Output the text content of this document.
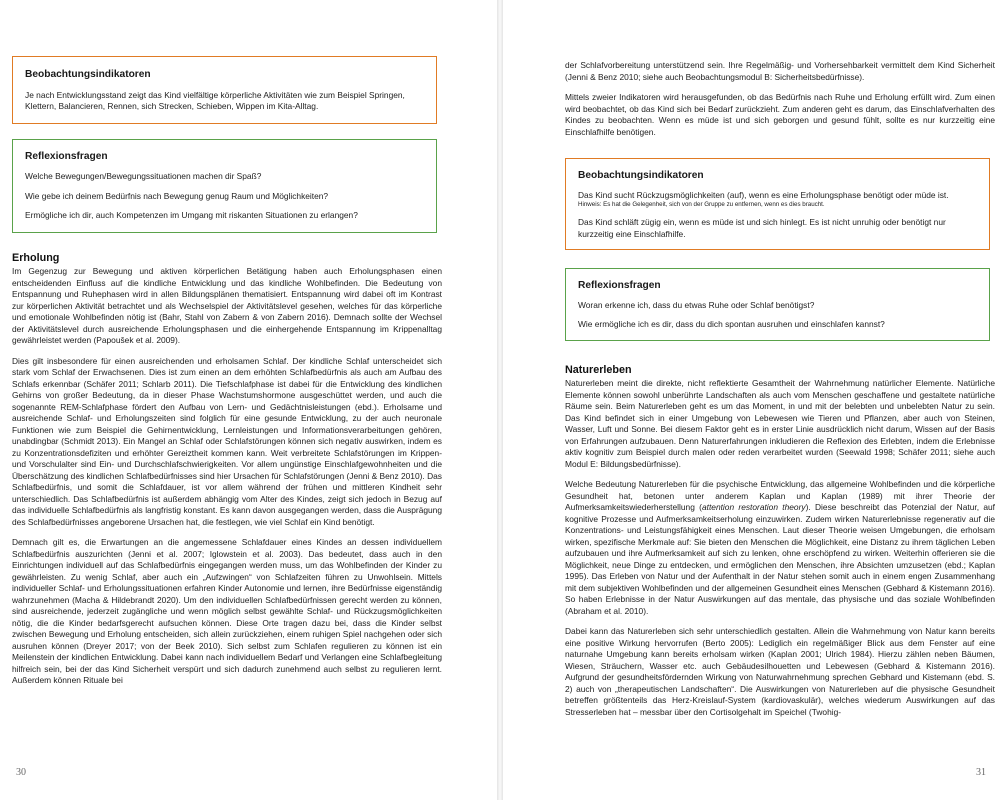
Beobachtungsindikatoren

Je nach Entwicklungsstand zeigt das Kind vielfältige körperliche Aktivitäten wie zum Beispiel Springen, Klettern, Balancieren, Rennen, sich Strecken, Schieben, Wippen im Kita-Alltag.

Reflexionsfragen

Welche Bewegungen/Bewegungssituationen machen dir Spaß?

Wie gebe ich deinem Bedürfnis nach Bewegung genug Raum und Möglichkeiten?

Ermögliche ich dir, auch Kompetenzen im Umgang mit riskanten Situationen zu erlangen?

Erholung

Im Gegenzug zur Bewegung und aktiven körperlichen Betätigung haben auch Erholungsphasen einen entscheidenden Einfluss auf die kindliche Entwicklung und das kindliche Wohlbefinden. Die Bedeutung von Entspannung und Ruhephasen wird in allen Bildungsplänen thematisiert. Entspannung wird dabei oft im Kontrast zur körperlichen Aktivität betrachtet und als Wechselspiel der Aktivitätslevel gesehen, welches für das körperliche und emotionale Wohlbefinden nötig ist (Bahr, Stahl von Zabern & von Zabern 2016). Demnach sollte der Wechsel der Aktivitätslevel durch ausreichende Erholungsphasen und die einhergehende Entspannung im Krippenalltag gewährleistet werden (Papoušek et al. 2009).

Dies gilt insbesondere für einen ausreichenden und erholsamen Schlaf. Der kindliche Schlaf unterscheidet sich stark vom Schlaf der Erwachsenen. Dies ist zum einen an dem erhöhten Schlafbedürfnis als auch am Aufbau des Schlafs erkennbar (Schäfer 2011; Schlarb 2011). Die Tiefschlafphase ist dabei für die Entwicklung des kindlichen Gehirns von großer Bedeutung, da in dieser Phase Wachstumshormone ausgeschüttet werden, und auch die sogenannte REM-Schlafphase fördert den Aufbau von Lern- und Gedächtnisleistungen (ebd.). Erholsame und ausreichende Schlaf- und Erholungszeiten sind folglich für eine gesunde Entwicklung, zu der auch neuronale Funktionen wie zum Beispiel die Gehirnentwicklung, Lernleistungen und Informationsverarbeitungen gehören, unabdingbar (Schmidt 2013). Ein Mangel an Schlaf oder Schlafstörungen können sich negativ auswirken, indem es zu Konzentrationsdefiziten und erhöhter Gereiztheit kommen kann. Weit verbreitete Schlafstörungen im Krippen- und Vorschulalter sind Ein- und Durchschlafschwierigkeiten. Vor allem ungünstige Einschlafgewohnheiten und die Überschätzung des kindlichen Schlafbedürfnisses sind hier Ursachen für Schlafstörungen (Jenni & Benz 2010). Das Schlafbedürfnis, und somit die Schlafdauer, ist vor allem während der frühen und mittleren Kindheit sehr unterschiedlich. Das Schlafbedürfnis ist außerdem abhängig vom Alter des Kindes, zeigt sich jedoch in Bezug auf das individuelle Schlafbedürfnis als langfristig konstant. Es kann davon ausgegangen werden, dass die Ausprägung des Schlafbedürfnisses angeborene Ursachen hat, die festlegen, wie viel Schlaf ein Kind benötigt.

Demnach gilt es, die Erwartungen an die angemessene Schlafdauer eines Kindes an dessen individuellem Schlafbedürfnis auszurichten (Jenni et al. 2007; Iglowstein et al. 2003). Das bedeutet, dass auch in den Einrichtungen individuell auf das Schlafbedürfnis eingegangen werden muss, um das Wohlbefinden der Kinder zu gewährleisten. Zu wenig Schlaf, aber auch ein „Aufzwingen“ von Schlafzeiten führen zu Unwohlsein. Mittels individueller Schlaf- und Erholungssituationen erfahren Kinder Autonomie und lernen, ihre Bedürfnisse eigenständig wahrzunehmen (Macha & Hildebrandt 2020). Um den individuellen Schlafbedürfnissen gerecht werden zu können, sind ausreichende, jederzeit zugängliche und wenn möglich selbst gewählte Schlaf- und Rückzugsmöglichkeiten nötig, die die Kinder bedarfsgerecht aufsuchen können. Diese Orte tragen dazu bei, dass die Kinder selbst zwischen Bewegung und Erholung entscheiden, sich allein zurückziehen, einem ruhigen Spiel nachgehen oder sich ausruhen können (Dreyer 2017; von der Beek 2010). Sich selbst zum Schlafen regulieren zu können ist ein Meilenstein der kindlichen Entwicklung. Dabei kann nach individuellem Bedarf und Verlangen eine Schlafbegleitung hilfreich sein, bei der das Kind Sicherheit verspürt und sich dadurch zunehmend auch selbst zu regulieren lernt. Außerdem können Rituale bei

30

der Schlafvorbereitung unterstützend sein. Ihre Regelmäßig- und Vorhersehbarkeit vermittelt dem Kind Sicherheit (Jenni & Benz 2010; siehe auch Beobachtungsmodul B: Sicherheitsbedürfnisse).

Mittels zweier Indikatoren wird herausgefunden, ob das Bedürfnis nach Ruhe und Erholung erfüllt wird. Zum einen wird beobachtet, ob das Kind sich bei Bedarf zurückzieht. Zum anderen geht es darum, das Einschlafverhalten des Kindes zu beobachten. Wenn es müde ist und sich geborgen und gesund fühlt, sollte es nur kurzzeitig eine Einschlafhilfe benötigen.

Beobachtungsindikatoren

Das Kind sucht Rückzugsmöglichkeiten (auf), wenn es eine Erholungsphase benötigt oder müde ist.

Hinweis: Es hat die Gelegenheit, sich von der Gruppe zu entfernen, wenn es dies braucht.

Das Kind schläft zügig ein, wenn es müde ist und sich hinlegt. Es ist nicht unruhig oder benötigt nur kurzzeitig eine Einschlafhilfe.

Reflexionsfragen

Woran erkenne ich, dass du etwas Ruhe oder Schlaf benötigst?

Wie ermögliche ich es dir, dass du dich spontan ausruhen und einschlafen kannst?

Naturerleben

Naturerleben meint die direkte, nicht reflektierte Gesamtheit der Wahrnehmung natürlicher Elemente. Natürliche Elemente können sowohl unberührte Landschaften als auch vom Menschen geschaffene und gestaltete natürliche Räume sein. Beim Naturerleben geht es um das Moment, in und mit der belebten und unbelebten Natur zu sein. Das Kind befindet sich in einer Umgebung von Lebewesen wie Tieren und Pflanzen, aber auch von Steinen, Wasser, Luft und Sonne. Bei diesem Faktor geht es in erster Linie ausdrücklich nicht darum, Wissen auf der Basis von Erfahrungen aufzubauen. Denn Naturerfahrungen inkludieren die Reflexion des Erlebten, indem die Erlebnisse aktiv kognitiv zum Beispiel durch malen oder reden verarbeitet wurden (Seewald 1998; Schäfer 2011; siehe auch Modul E: Bildungsbedürfnisse).

Welche Bedeutung Naturerleben für die psychische Entwicklung, das allgemeine Wohlbefinden und die körperliche Gesundheit hat, betonen unter anderem Kaplan und Kaplan (1989) mit ihrer Theorie der Aufmerksamkeitswiederherstellung (attention restoration theory). Diese beschreibt das Potenzial der Natur, auf kognitive Prozesse und Aufmerksamkeitserholung einzuwirken. Zudem wirken Naturerlebnisse regenerativ auf die Konzentrations- und Leistungsfähigkeit eines Menschen. Laut dieser Theorie weisen Umgebungen, die erholsam wirken, spezifische Merkmale auf: Sie bieten den Menschen die Möglichkeit, eine Distanz zu ihrem täglichen Leben aufzubauen und ihre Aufmerksamkeit auf sich zu lenken, ohne erschöpfend zu wirken. Weiterhin offerieren sie die Möglichkeit, neue Dinge zu entdecken, und ermöglichen den Menschen, ihre Absichten umzusetzen (ebd.; Kaplan 1995). Das Erleben von Natur und der Aufenthalt in der Natur stehen somit auch in einem engen Zusammenhang mit dem subjektiven Wohlbefinden und der allgemeinen Gesundheit eines Menschen (Gebhard & Kistemann 2016). So haben Erlebnisse in der Natur Auswirkungen auf das mentale, das physische und das soziale Wohlbefinden (Abraham et al. 2010).

Dabei kann das Naturerleben sich sehr unterschiedlich gestalten. Allein die Wahrnehmung von Natur kann bereits eine positive Wirkung hervorrufen (Berto 2005): Lediglich ein regelmäßiger Blick aus dem Fenster auf eine naturnahe Umgebung kann bereits erholsam wirken (Kaplan 2001; Ulrich 1984). Hierzu zählen neben Bäumen, Wiesen, Sträuchern, Wasser etc. auch Gebäudesilhouetten und Lebewesen (Gebhard & Kistemann 2016). Aufgrund der gesundheitsfördernden Wirkung von Naturwahrnehmung sprechen Gebhard und Kistemann (ebd. S. 2) auch von „therapeutischen Landschaften“. Die Auswirkungen von Naturerleben auf die physische Gesundheit betreffen größtenteils das Herz-Kreislauf-System (kardiovaskulär), welches wiederum Auswirkungen auf das Stresserleben hat – messbar über den Cortisolgehalt im Speichel (Twohig-

31
